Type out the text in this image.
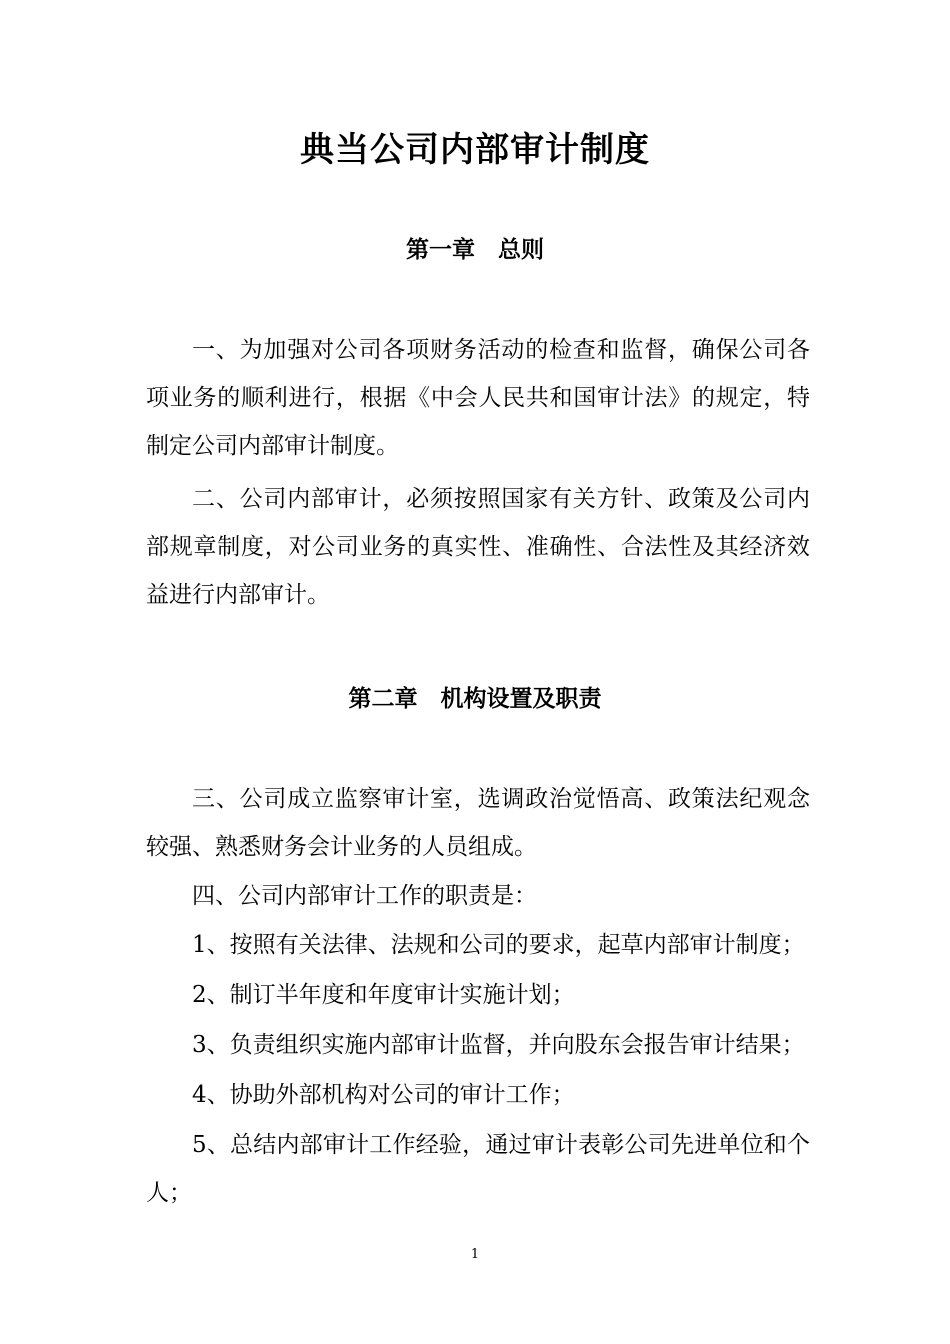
典当公司内部审计制度
第一章　总则

一、为加强对公司各项财务活动的检查和监督，确保公司各项业务的顺利进行，根据《中会人民共和国审计法》的规定，特制定公司内部审计制度。

二、公司内部审计，必须按照国家有关方针、政策及公司内部规章制度，对公司业务的真实性、准确性、合法性及其经济效益进行内部审计。

第二章　机构设置及职责

三、公司成立监察审计室，选调政治觉悟高、政策法纪观念较强、熟悉财务会计业务的人员组成。

四、公司内部审计工作的职责是：

1、按照有关法律、法规和公司的要求，起草内部审计制度；

2、制订半年度和年度审计实施计划；

3、负责组织实施内部审计监督，并向股东会报告审计结果；

4、协助外部机构对公司的审计工作；

5、总结内部审计工作经验，通过审计表彰公司先进单位和个人；

1
